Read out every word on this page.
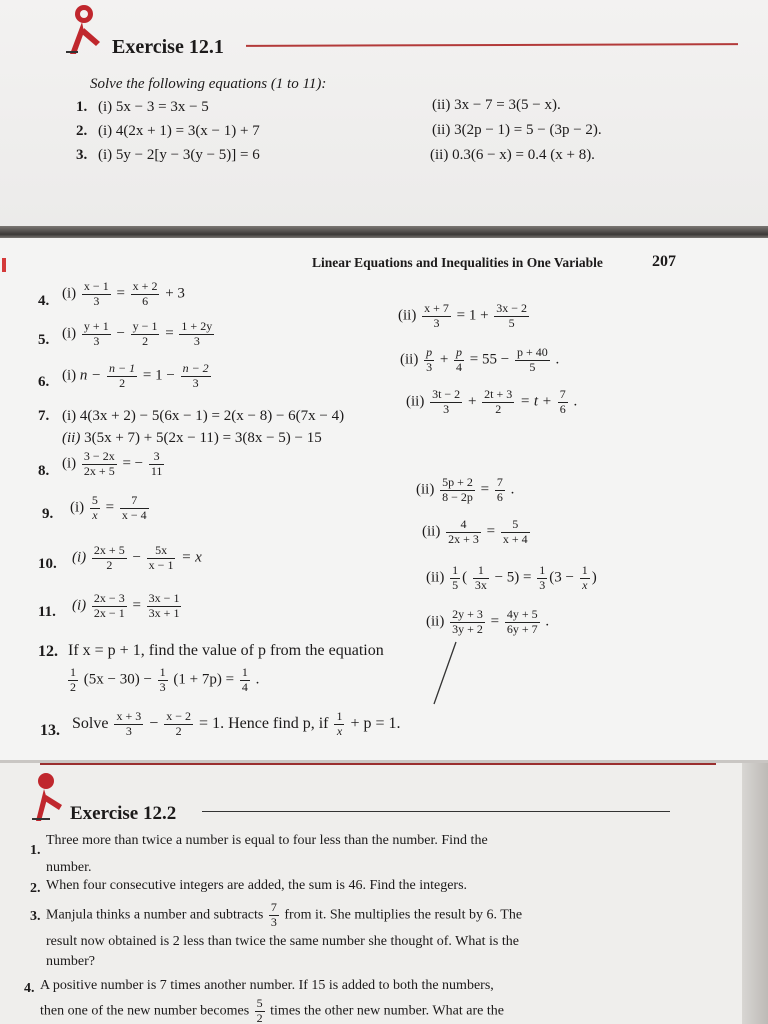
Exercise 12.1
Solve the following equations (1 to 11):
1. (i) 5x − 3 = 3x − 5	(ii) 3x − 7 = 3(5 − x).
2. (i) 4(2x + 1) = 3(x − 1) + 7	(ii) 3(2p − 1) = 5 − (3p − 2).
3. (i) 5y − 2[y − 3(y − 5)] = 6	(ii) 0.3(6 − x) = 0.4 (x + 8).
Linear Equations and Inequalities in One Variable	207
4. $(i) \frac{x - 1}{3} = \frac{x + 2}{6} + 3$
$(ii) \frac{x + 7}{3} = 1 + \frac{3x - 2}{5}$
5. $(i) \frac{y + 1}{3} - \frac{y - 1}{2} = \frac{1 + 2y}{3}$
$(ii) \frac{p}{3} + \frac{p}{4} = 55 - \frac{p + 40}{5}$ .
6. (i) $n - \frac{n - 1}{2} = 1 - \frac{n - 2}{3}$
$(ii) \frac{3t - 2}{3} + \frac{2t + 3}{2} = t + \frac{7}{6}$ .
7. (i) 4(3x + 2) − 5(6x − 1) = 2(x − 8) − 6(7x − 4)
(ii) 3(5x + 7) + 5(2x − 11) = 3(8x − 5) − 15
8. $(i) \frac{3 - 2x}{2x + 5}$ = − $\frac{3}{11}$
$(ii) \frac{5p + 2}{8 - 2p} = \frac{7}{6}$ .
9. $(i) \frac{5}{x} = \frac{7}{x - 4}$
$(ii) \frac{4}{2x + 3} = \frac{5}{x + 4}$
10. $(i) \frac{2x + 5}{2} - \frac{5x}{x - 1} = x$
$(ii) \frac{1}{5}$ ( $\frac{1}{3x} - 5) = \frac{1}{3} (3 - \frac{1}{x}$ )
11. $(i) \frac{2x - 3}{2x - 1} = \frac{3x - 1}{3x + 1}$
$(ii) \frac{2y + 3}{3y + 2} = \frac{4y + 5}{6y + 7}$ .
12. If x = p + 1, find the value of p from the equation
$\frac{1}{2} (5x - 30) - \frac{1}{3} (1 + 7p) = \frac{1}{4}$ .
13. Solve $\frac{x + 3}{3} - \frac{x - 2}{2} = 1$. Hence find p, if $\frac{1}{x} + p = 1$.
Exercise 12.2
1.
Three more than twice a number is equal to four less than the number. Find the
number.
2. When four consecutive integers are added, the sum is 46. Find the integers.
3. Manjula thinks a number and subtracts $\frac{7}{3}$ from it. She multiplies the result by 6. The
result now obtained is 2 less than twice the same number she thought of. What is the
number?
4. A positive number is 7 times another number. If 15 is added to both the numbers,
then one of the new number becomes $\frac{5}{2}$ times the other new number. What are the
